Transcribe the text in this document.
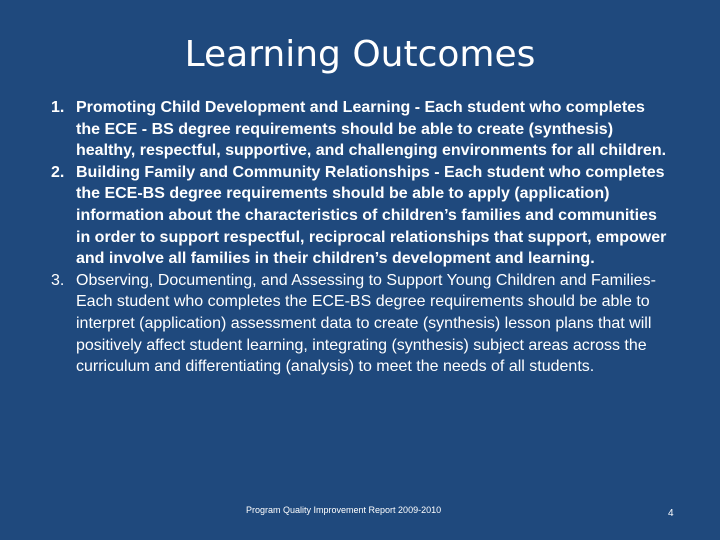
Learning Outcomes
1. Promoting Child Development and Learning - Each student who completes the ECE - BS degree requirements should be able to create (synthesis) healthy, respectful, supportive, and challenging environments for all children.
2. Building Family and Community Relationships - Each student who completes the ECE-BS degree requirements should be able to apply (application) information about the characteristics of children’s families and communities in order to support respectful, reciprocal relationships that support, empower and involve all families in their children’s development and learning.
3. Observing, Documenting, and Assessing to Support Young Children and Families- Each student who completes the ECE-BS degree requirements should be able to interpret (application) assessment data to create (synthesis) lesson plans that will positively affect student learning, integrating (synthesis) subject areas across the curriculum and differentiating (analysis) to meet the needs of all students.
Program Quality Improvement Report 2009-2010	4
